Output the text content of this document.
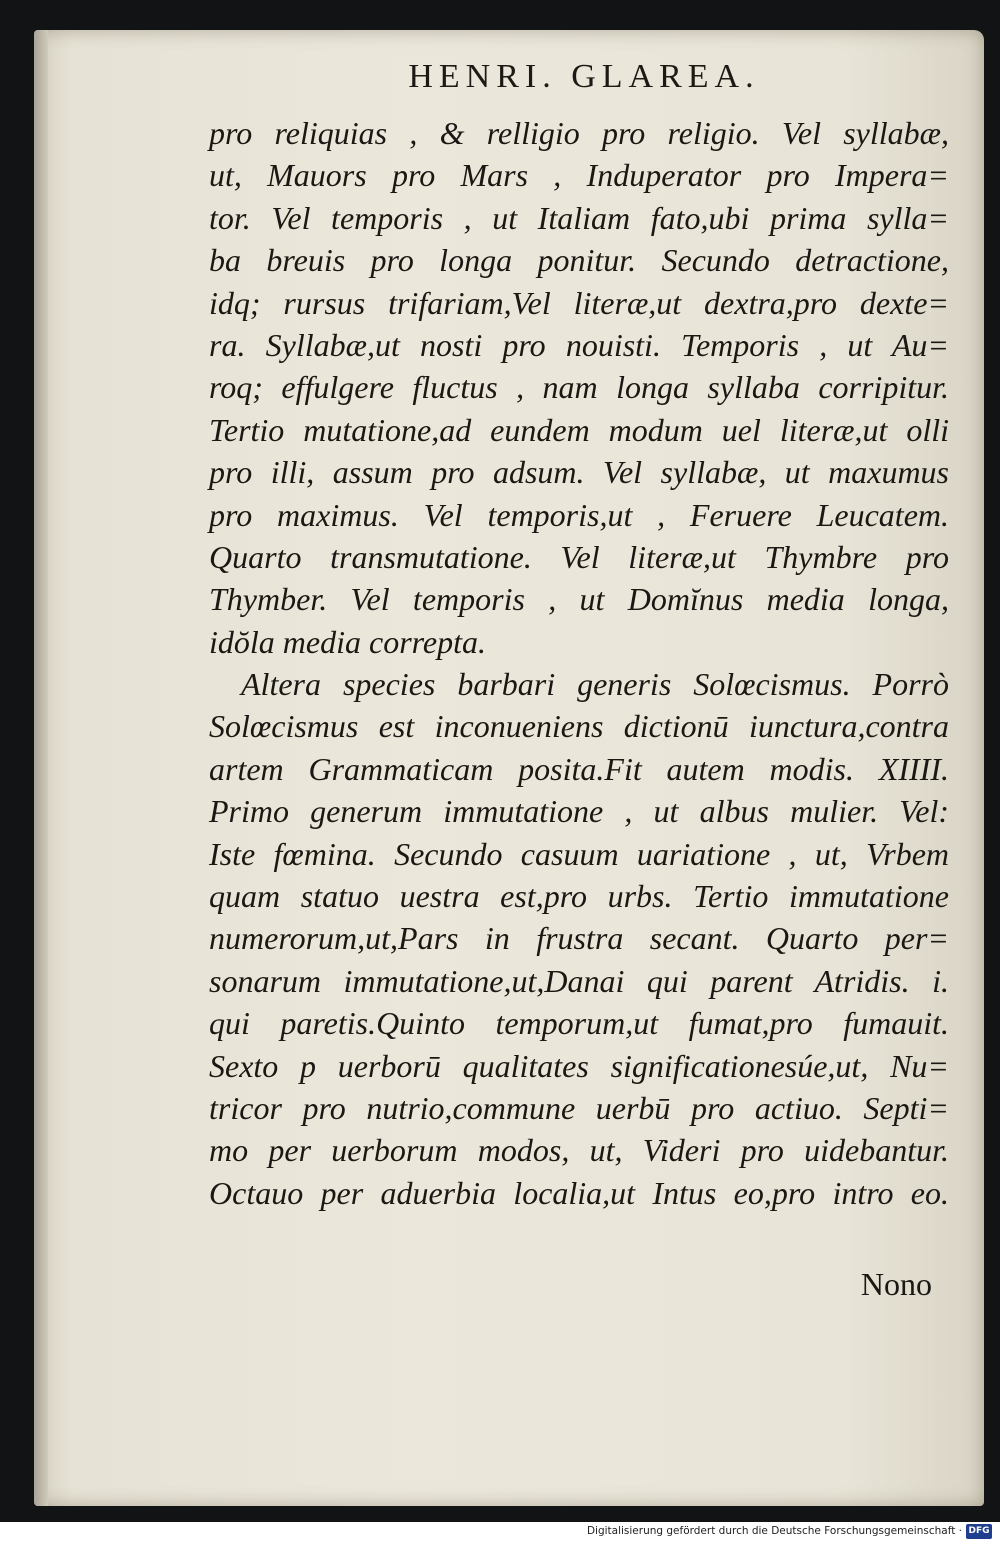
HENRI. GLAREA.
pro reliquias , & relligio pro religio. Vel syllabæ,
ut, Mauors pro Mars , Induperator pro Impera=
tor. Vel temporis , ut Italiam fato,ubi prima sylla=
ba breuis pro longa ponitur. Secundo detractione,
idq; rursus trifariam,Vel literæ,ut dextra,pro dexte=
ra. Syllabæ,ut nosti pro nouisti. Temporis , ut Au=
roq; effulgere fluctus , nam longa syllaba corripitur.
Tertio mutatione,ad eundem modum uel literæ,ut olli
pro illi, assum pro adsum. Vel syllabæ, ut maxumus
pro maximus. Vel temporis,ut , Feruere Leucatem.
Quarto transmutatione. Vel literæ,ut Thymbre pro
Thymber. Vel temporis , ut Domĭnus media longa,
idŏla media correpta.
Altera species barbari generis Solœcismus. Porrò
Solœcismus est inconueniens dictionū iunctura,contra
artem Grammaticam posita.Fit autem modis. XIIII.
Primo generum immutatione , ut albus mulier. Vel:
Iste fœmina. Secundo casuum uariatione , ut, Vrbem
quam statuo uestra est,pro urbs. Tertio immutatione
numerorum,ut,Pars in frustra secant. Quarto per=
sonarum immutatione,ut,Danai qui parent Atridis. i.
qui paretis.Quinto temporum,ut fumat,pro fumauit.
Sexto p uerborū qualitates significationesúe,ut, Nu=
tricor pro nutrio,commune uerbū pro actiuo. Septi=
mo per uerborum modos, ut, Videri pro uidebantur.
Octauo per aduerbia localia,ut Intus eo,pro intro eo.
Nono
Digitalisierung gefördert durch die Deutsche Forschungsgemeinschaft · DFG
